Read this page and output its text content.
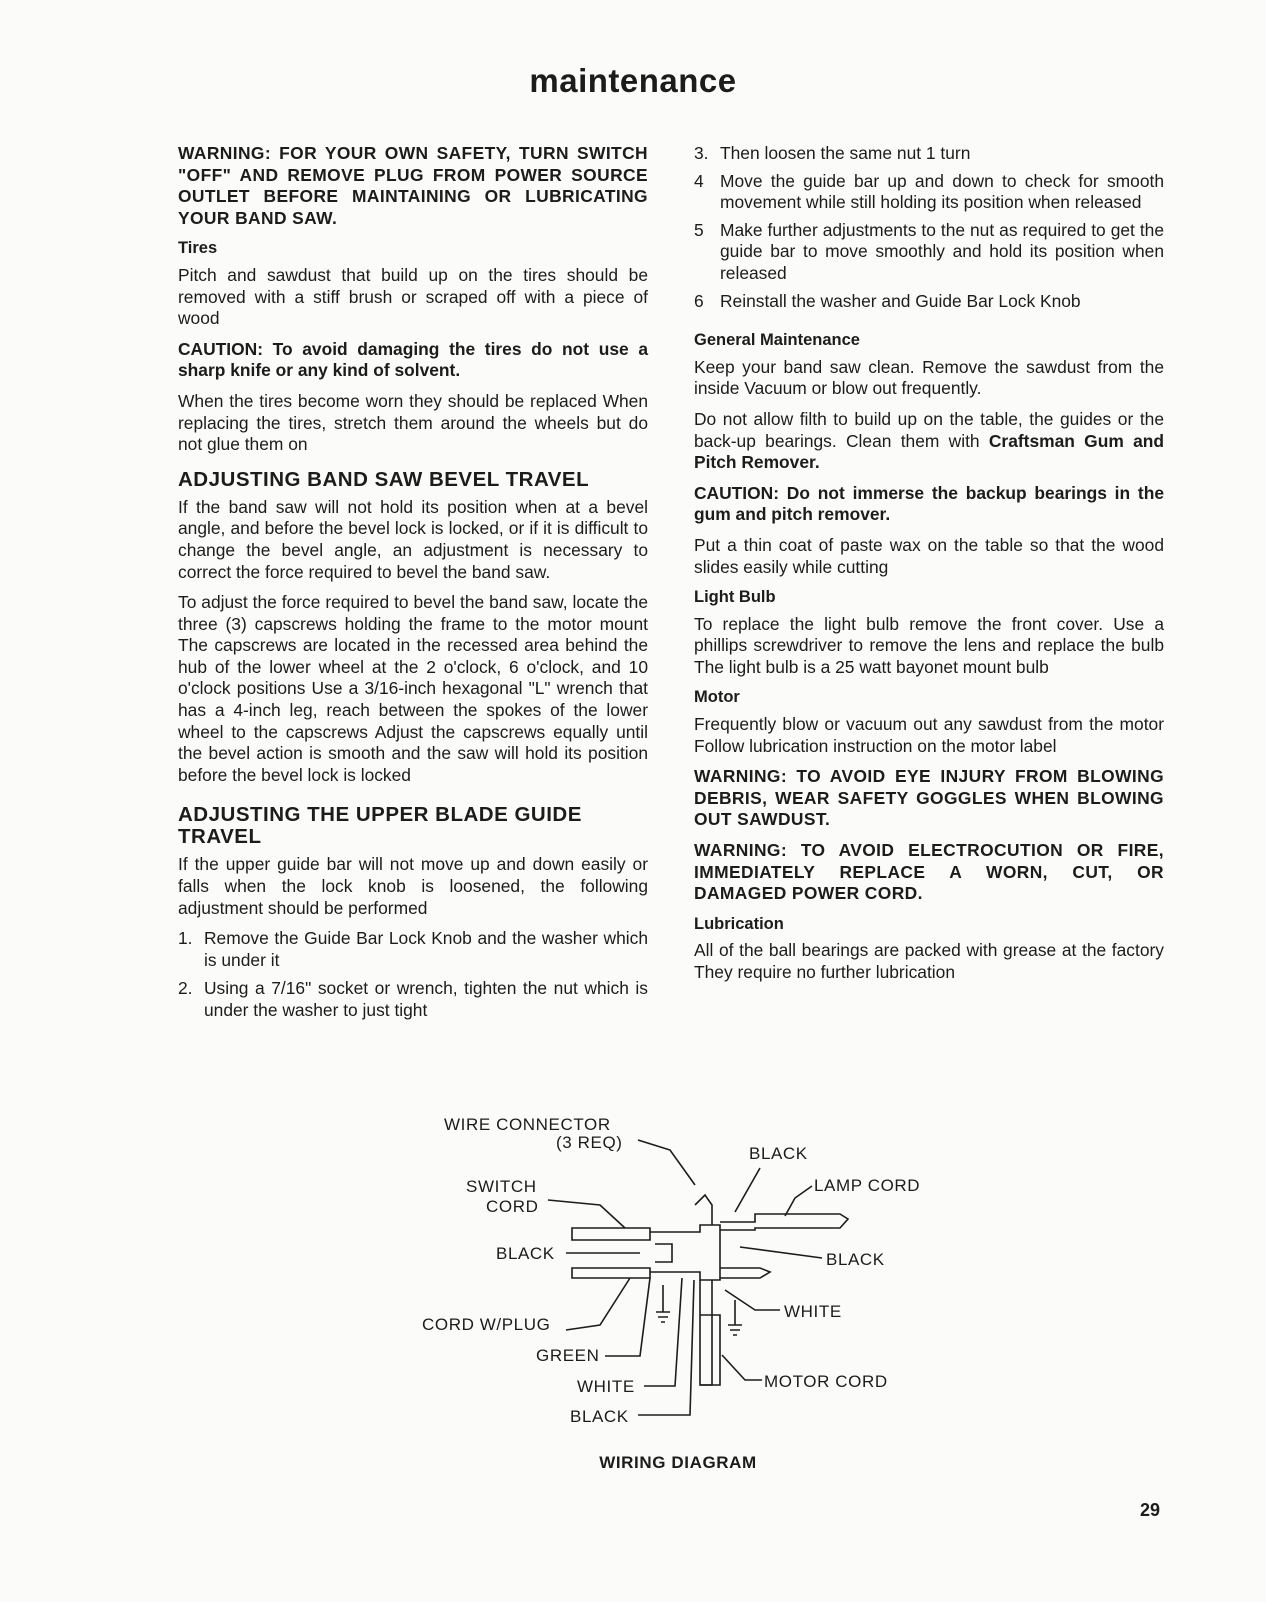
maintenance

WARNING: FOR YOUR OWN SAFETY, TURN SWITCH "OFF" AND REMOVE PLUG FROM POWER SOURCE OUTLET BEFORE MAINTAINING OR LUBRICATING YOUR BAND SAW.

Tires

Pitch and sawdust that build up on the tires should be removed with a stiff brush or scraped off with a piece of wood

CAUTION: To avoid damaging the tires do not use a sharp knife or any kind of solvent.

When the tires become worn they should be replaced When replacing the tires, stretch them around the wheels but do not glue them on

ADJUSTING BAND SAW BEVEL TRAVEL

If the band saw will not hold its position when at a bevel angle, and before the bevel lock is locked, or if it is difficult to change the bevel angle, an adjustment is necessary to correct the force required to bevel the band saw.

To adjust the force required to bevel the band saw, locate the three (3) capscrews holding the frame to the motor mount The capscrews are located in the recessed area behind the hub of the lower wheel at the 2 o'clock, 6 o'clock, and 10 o'clock positions Use a 3/16-inch hexagonal "L" wrench that has a 4-inch leg, reach between the spokes of the lower wheel to the capscrews Adjust the capscrews equally until the bevel action is smooth and the saw will hold its position before the bevel lock is locked

ADJUSTING THE UPPER BLADE GUIDE TRAVEL

If the upper guide bar will not move up and down easily or falls when the lock knob is loosened, the following adjustment should be performed

1. Remove the Guide Bar Lock Knob and the washer which is under it
2. Using a 7/16" socket or wrench, tighten the nut which is under the washer to just tight
3. Then loosen the same nut 1 turn
4 Move the guide bar up and down to check for smooth movement while still holding its position when released
5 Make further adjustments to the nut as required to get the guide bar to move smoothly and hold its position when released
6 Reinstall the washer and Guide Bar Lock Knob
General Maintenance

Keep your band saw clean. Remove the sawdust from the inside Vacuum or blow out frequently.

Do not allow filth to build up on the table, the guides or the back-up bearings. Clean them with Craftsman Gum and Pitch Remover.

CAUTION: Do not immerse the backup bearings in the gum and pitch remover.

Put a thin coat of paste wax on the table so that the wood slides easily while cutting

Light Bulb

To replace the light bulb remove the front cover. Use a phillips screwdriver to remove the lens and replace the bulb The light bulb is a 25 watt bayonet mount bulb

Motor

Frequently blow or vacuum out any sawdust from the motor Follow lubrication instruction on the motor label

WARNING: TO AVOID EYE INJURY FROM BLOWING DEBRIS, WEAR SAFETY GOGGLES WHEN BLOWING OUT SAWDUST.

WARNING: TO AVOID ELECTROCUTION OR FIRE, IMMEDIATELY REPLACE A WORN, CUT, OR DAMAGED POWER CORD.

Lubrication

All of the ball bearings are packed with grease at the factory They require no further lubrication

WIRE CONNECTOR
(3 REQ)
SWITCH
CORD
BLACK
CORD W/PLUG
GREEN
WHITE
BLACK
BLACK
LAMP CORD
BLACK
WHITE
MOTOR CORD
WIRING DIAGRAM
29
